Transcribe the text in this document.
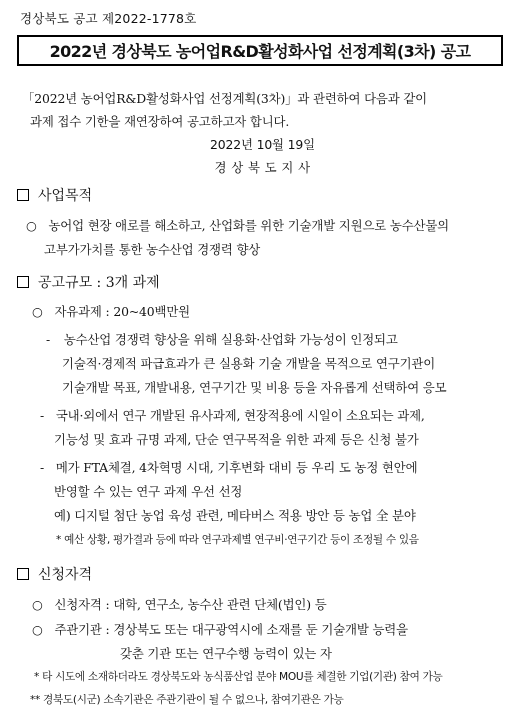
경상북도 공고 제2022-1778호
2022년 경상북도 농어업R&D활성화사업 선정계획(3차) 공고
「2022년 농어업R&D활성화사업 선정계획(3차)」과 관련하여 다음과 같이
과제 접수 기한을 재연장하여 공고하고자 합니다.
2022년 10월 19일
경 상 북 도 지 사
사업목적
○ 농어업 현장 애로를 해소하고, 산업화를 위한 기술개발 지원으로 농수산물의
고부가가치를 통한 농수산업 경쟁력 향상
공고규모 : 3개 과제
○ 자유과제 : 20~40백만원
- 농수산업 경쟁력 향상을 위해 실용화·산업화 가능성이 인정되고
기술적·경제적 파급효과가 큰 실용화 기술 개발을 목적으로 연구기관이
기술개발 목표, 개발내용, 연구기간 및 비용 등을 자유롭게 선택하여 응모
- 국내·외에서 연구 개발된 유사과제, 현장적용에 시일이 소요되는 과제,
기능성 및 효과 규명 과제, 단순 연구목적을 위한 과제 등은 신청 불가
- 메가 FTA체결, 4차혁명 시대, 기후변화 대비 등 우리 도 농정 현안에
반영할 수 있는 연구 과제 우선 선정
예) 디지털 첨단 농업 육성 관련, 메타버스 적용 방안 등 농업 全 분야
* 예산 상황, 평가결과 등에 따라 연구과제별 연구비·연구기간 등이 조정될 수 있음
신청자격
○ 신청자격 : 대학, 연구소, 농수산 관련 단체(법인) 등
○ 주관기관 : 경상북도 또는 대구광역시에 소재를 둔 기술개발 능력을
갖춘 기관 또는 연구수행 능력이 있는 자
* 타 시도에 소재하더라도 경상북도와 농식품산업 분야 MOU를 체결한 기업(기관) 참여 가능
** 경북도(시군) 소속기관은 주관기관이 될 수 없으나, 참여기관은 가능
